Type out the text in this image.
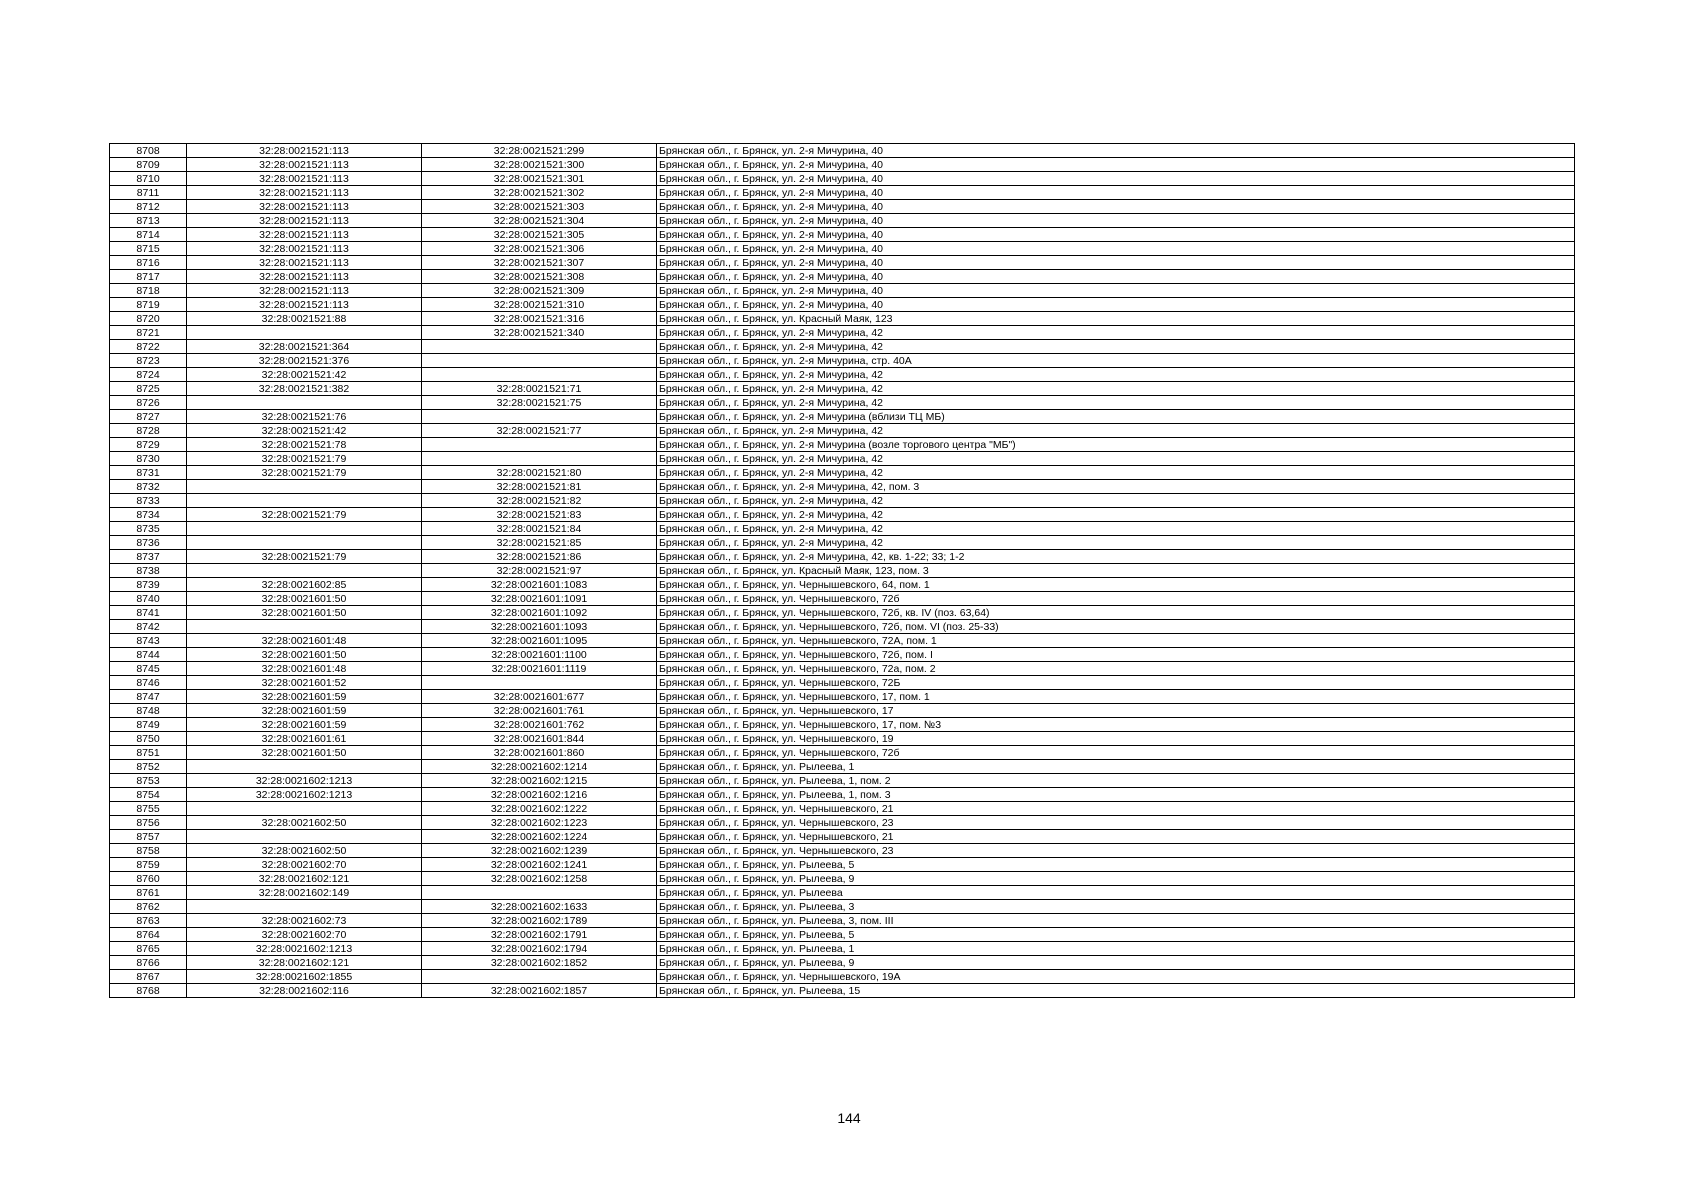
8708	32:28:0021521:113	32:28:0021521:299	Брянская обл., г. Брянск, ул. 2-я Мичурина, 40
8709	32:28:0021521:113	32:28:0021521:300	Брянская обл., г. Брянск, ул. 2-я Мичурина, 40
8710	32:28:0021521:113	32:28:0021521:301	Брянская обл., г. Брянск, ул. 2-я Мичурина, 40
8711	32:28:0021521:113	32:28:0021521:302	Брянская обл., г. Брянск, ул. 2-я Мичурина, 40
8712	32:28:0021521:113	32:28:0021521:303	Брянская обл., г. Брянск, ул. 2-я Мичурина, 40
8713	32:28:0021521:113	32:28:0021521:304	Брянская обл., г. Брянск, ул. 2-я Мичурина, 40
8714	32:28:0021521:113	32:28:0021521:305	Брянская обл., г. Брянск, ул. 2-я Мичурина, 40
8715	32:28:0021521:113	32:28:0021521:306	Брянская обл., г. Брянск, ул. 2-я Мичурина, 40
8716	32:28:0021521:113	32:28:0021521:307	Брянская обл., г. Брянск, ул. 2-я Мичурина, 40
8717	32:28:0021521:113	32:28:0021521:308	Брянская обл., г. Брянск, ул. 2-я Мичурина, 40
8718	32:28:0021521:113	32:28:0021521:309	Брянская обл., г. Брянск, ул. 2-я Мичурина, 40
8719	32:28:0021521:113	32:28:0021521:310	Брянская обл., г. Брянск, ул. 2-я Мичурина, 40
8720	32:28:0021521:88	32:28:0021521:316	Брянская обл., г. Брянск, ул. Красный Маяк, 123
8721		32:28:0021521:340	Брянская обл., г. Брянск, ул. 2-я Мичурина, 42
8722	32:28:0021521:364		Брянская обл., г. Брянск, ул. 2-я Мичурина, 42
8723	32:28:0021521:376		Брянская обл., г. Брянск, ул. 2-я Мичурина, стр. 40А
8724	32:28:0021521:42		Брянская обл., г. Брянск, ул. 2-я Мичурина, 42
8725	32:28:0021521:382	32:28:0021521:71	Брянская обл., г. Брянск, ул. 2-я Мичурина, 42
8726		32:28:0021521:75	Брянская обл., г. Брянск, ул. 2-я Мичурина, 42
8727	32:28:0021521:76		Брянская обл., г. Брянск, ул. 2-я Мичурина (вблизи ТЦ МБ)
8728	32:28:0021521:42	32:28:0021521:77	Брянская обл., г. Брянск, ул. 2-я Мичурина, 42
8729	32:28:0021521:78		Брянская обл., г. Брянск, ул. 2-я Мичурина (возле торгового центра "МБ")
8730	32:28:0021521:79		Брянская обл., г. Брянск, ул. 2-я Мичурина, 42
8731	32:28:0021521:79	32:28:0021521:80	Брянская обл., г. Брянск, ул. 2-я Мичурина, 42
8732		32:28:0021521:81	Брянская обл., г. Брянск, ул. 2-я Мичурина, 42, пом. 3
8733		32:28:0021521:82	Брянская обл., г. Брянск, ул. 2-я Мичурина, 42
8734	32:28:0021521:79	32:28:0021521:83	Брянская обл., г. Брянск, ул. 2-я Мичурина, 42
8735		32:28:0021521:84	Брянская обл., г. Брянск, ул. 2-я Мичурина, 42
8736		32:28:0021521:85	Брянская обл., г. Брянск, ул. 2-я Мичурина, 42
8737	32:28:0021521:79	32:28:0021521:86	Брянская обл., г. Брянск, ул. 2-я Мичурина, 42, кв. 1-22; 33; 1-2
8738		32:28:0021521:97	Брянская обл., г. Брянск, ул. Красный Маяк, 123, пом. 3
8739	32:28:0021602:85	32:28:0021601:1083	Брянская обл., г. Брянск, ул. Чернышевского, 64, пом. 1
8740	32:28:0021601:50	32:28:0021601:1091	Брянская обл., г. Брянск, ул. Чернышевского, 72б
8741	32:28:0021601:50	32:28:0021601:1092	Брянская обл., г. Брянск, ул. Чернышевского, 72б, кв. IV (поз. 63,64)
8742		32:28:0021601:1093	Брянская обл., г. Брянск, ул. Чернышевского, 72б, пом. VI (поз. 25-33)
8743	32:28:0021601:48	32:28:0021601:1095	Брянская обл., г. Брянск, ул. Чернышевского, 72А, пом. 1
8744	32:28:0021601:50	32:28:0021601:1100	Брянская обл., г. Брянск, ул. Чернышевского, 72б, пом. I
8745	32:28:0021601:48	32:28:0021601:1119	Брянская обл., г. Брянск, ул. Чернышевского, 72а, пом. 2
8746	32:28:0021601:52		Брянская обл., г. Брянск, ул. Чернышевского, 72Б
8747	32:28:0021601:59	32:28:0021601:677	Брянская обл., г. Брянск, ул. Чернышевского, 17, пом. 1
8748	32:28:0021601:59	32:28:0021601:761	Брянская обл., г. Брянск, ул. Чернышевского, 17
8749	32:28:0021601:59	32:28:0021601:762	Брянская обл., г. Брянск, ул. Чернышевского, 17, пом. №3
8750	32:28:0021601:61	32:28:0021601:844	Брянская обл., г. Брянск, ул. Чернышевского, 19
8751	32:28:0021601:50	32:28:0021601:860	Брянская обл., г. Брянск, ул. Чернышевского, 72б
8752		32:28:0021602:1214	Брянская обл., г. Брянск, ул. Рылеева, 1
8753	32:28:0021602:1213	32:28:0021602:1215	Брянская обл., г. Брянск, ул. Рылеева, 1, пом. 2
8754	32:28:0021602:1213	32:28:0021602:1216	Брянская обл., г. Брянск, ул. Рылеева, 1, пом. 3
8755		32:28:0021602:1222	Брянская обл., г. Брянск, ул. Чернышевского, 21
8756	32:28:0021602:50	32:28:0021602:1223	Брянская обл., г. Брянск, ул. Чернышевского, 23
8757		32:28:0021602:1224	Брянская обл., г. Брянск, ул. Чернышевского, 21
8758	32:28:0021602:50	32:28:0021602:1239	Брянская обл., г. Брянск, ул. Чернышевского, 23
8759	32:28:0021602:70	32:28:0021602:1241	Брянская обл., г. Брянск, ул. Рылеева, 5
8760	32:28:0021602:121	32:28:0021602:1258	Брянская обл., г. Брянск, ул. Рылеева, 9
8761	32:28:0021602:149		Брянская обл., г. Брянск, ул. Рылеева
8762		32:28:0021602:1633	Брянская обл., г. Брянск, ул. Рылеева, 3
8763	32:28:0021602:73	32:28:0021602:1789	Брянская обл., г. Брянск, ул. Рылеева, 3, пом. III
8764	32:28:0021602:70	32:28:0021602:1791	Брянская обл., г. Брянск, ул. Рылеева, 5
8765	32:28:0021602:1213	32:28:0021602:1794	Брянская обл., г. Брянск, ул. Рылеева, 1
8766	32:28:0021602:121	32:28:0021602:1852	Брянская обл., г. Брянск, ул. Рылеева, 9
8767	32:28:0021602:1855		Брянская обл., г. Брянск, ул. Чернышевского, 19А
8768	32:28:0021602:116	32:28:0021602:1857	Брянская обл., г. Брянск, ул. Рылеева, 15
144
